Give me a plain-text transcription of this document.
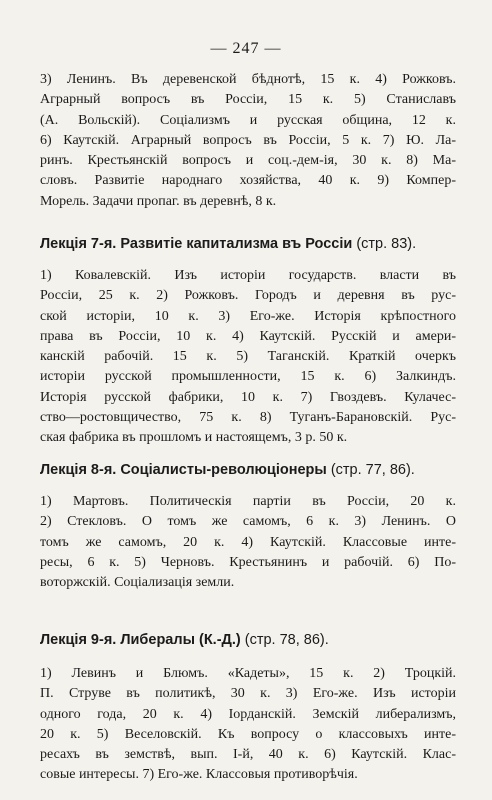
— 247 —
3) Ленинъ. Въ деревенской бѣднотѣ, 15 к. 4) Рожковъ.
Аграрный вопросъ въ Россіи, 15 к. 5) Станиславъ
(А. Вольскій). Соціализмъ и русская община, 12 к.
6) Каутскій. Аграрный вопросъ въ Россіи, 5 к. 7) Ю. Ла-
ринъ. Крестьянскій вопросъ и соц.-дем-ія, 30 к. 8) Ма-
словъ. Развитіе народнаго хозяйства, 40 к. 9) Компер-
Морель. Задачи пропаг. въ деревнѣ, 8 к.
Лекція 7-я. Развитіе капитализма въ Россіи (стр. 83).
1) Ковалевскій. Изъ исторіи государств. власти въ
Россіи, 25 к. 2) Рожковъ. Городъ и деревня въ рус-
ской исторіи, 10 к. 3) Его-же. Исторія крѣпостного
права въ Россіи, 10 к. 4) Каутскій. Русскій и амери-
канскій рабочій. 15 к. 5) Таганскій. Краткій очеркъ
исторіи русской промышленности, 15 к. 6) Залкиндъ.
Исторія русской фабрики, 10 к. 7) Гвоздевъ. Кулачес-
ство—ростовщичество, 75 к. 8) Туганъ-Барановскій. Рус-
ская фабрика въ прошломъ и настоящемъ, 3 р. 50 к.
Лекція 8-я. Соціалисты-революціонеры (стр. 77, 86).
1) Мартовъ. Политическія партіи въ Россіи, 20 к.
2) Стекловъ. О томъ же самомъ, 6 к. 3) Ленинъ. О
томъ же самомъ, 20 к. 4) Каутскій. Классовые инте-
ресы, 6 к. 5) Черновъ. Крестьянинъ и рабочій. 6) По-
воторжскій. Соціализація земли.
Лекція 9-я. Либералы (К.-Д.) (стр. 78, 86).
1) Левинъ и Блюмъ. «Кадеты», 15 к. 2) Троцкій.
П. Струве въ политикѣ, 30 к. 3) Его-же. Изъ исторіи
одного года, 20 к. 4) Іорданскій. Земскій либерализмъ,
20 к. 5) Веселовскій. Къ вопросу о классовыхъ инте-
ресахъ въ земствѣ, вып. І-й, 40 к. 6) Каутскій. Клас-
совые интересы. 7) Его-же. Классовыя противорѣчія.
